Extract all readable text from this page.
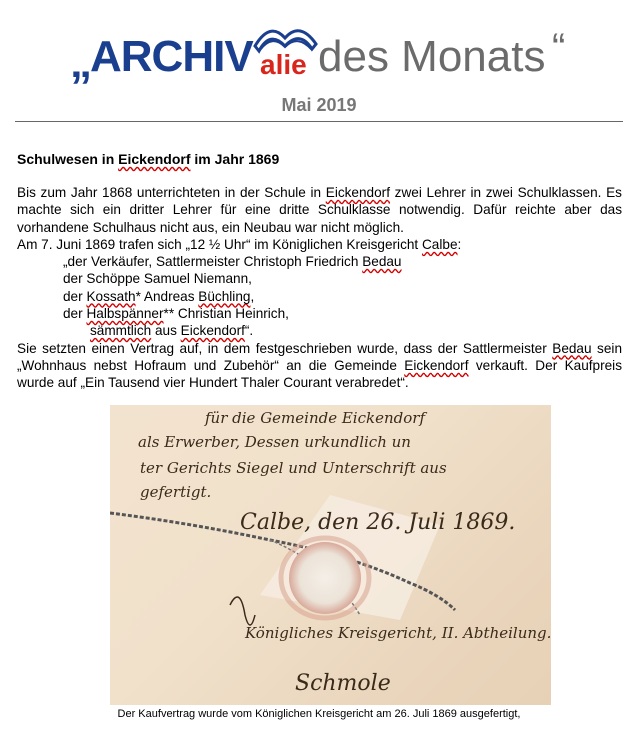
„ ARCHIV alie des Monats “
Mai 2019
Schulwesen in Eickendorf im Jahr 1869
Bis zum Jahr 1868 unterrichteten in der Schule in Eickendorf zwei Lehrer in zwei Schulklassen. Es machte sich ein dritter Lehrer für eine dritte Schulklasse notwendig. Dafür reichte aber das vorhandene Schulhaus nicht aus, ein Neubau war nicht möglich.
Am 7. Juni 1869 trafen sich „12 ½ Uhr“ im Königlichen Kreisgericht Calbe:
„der Verkäufer, Sattlermeister Christoph Friedrich Bedau
der Schöppe Samuel Niemann,
der Kossath* Andreas Büchling,
der Halbspänner** Christian Heinrich,
sämmtlich aus Eickendorf“.
Sie setzten einen Vertrag auf, in dem festgeschrieben wurde, dass der Sattlermeister Bedau sein „Wohnhaus nebst Hofraum und Zubehör“ an die Gemeinde Eickendorf verkauft. Der Kaufpreis wurde auf „Ein Tausend vier Hundert Thaler Courant verabredet“.
für die Gemeinde Eickendorf
als Erwerber, Dessen urkundlich un
ter Gerichts Siegel und Unterschrift aus
gefertigt.
Calbe, den 26. Juli 1869.
Königliches Kreisgericht, II. Abtheilung.
Schmole
Der Kaufvertrag wurde vom Königlichen Kreisgericht am 26. Juli 1869 ausgefertigt,
